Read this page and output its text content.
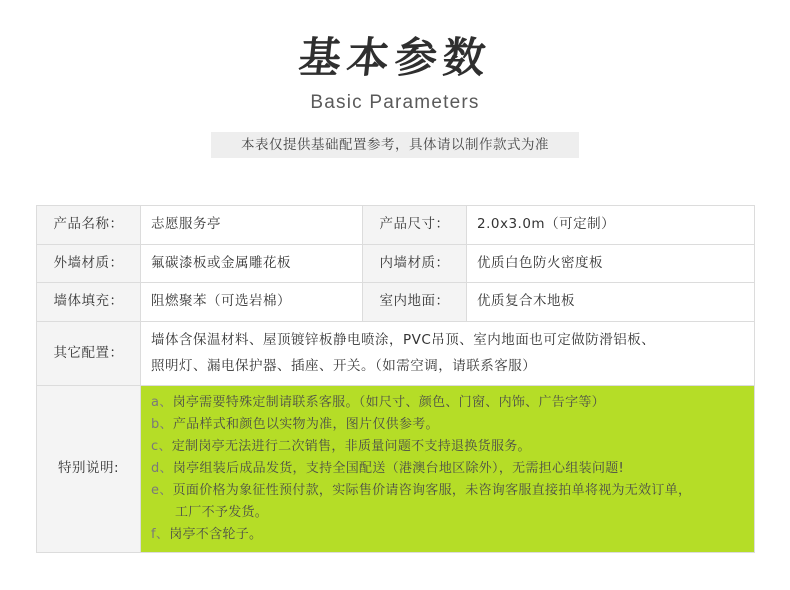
基本参数
Basic Parameters
本表仅提供基础配置参考，具体请以制作款式为准
产品名称：	志愿服务亭	产品尺寸：	2.0x3.0m（可定制）
外墙材质：	氟碳漆板或金属雕花板	内墙材质：	优质白色防火密度板
墙体填充：	阻燃聚苯（可选岩棉）	室内地面：	优质复合木地板
其它配置：	墙体含保温材料、屋顶镀锌板静电喷涂，PVC吊顶、室内地面也可定做防滑铝板、
照明灯、漏电保护器、插座、开关。（如需空调，请联系客服）		

特别说明:	
a、岗亭需要特殊定制请联系客服。（如尺寸、颜色、门窗、内饰、广告字等）
b、产品样式和颜色以实物为准，图片仅供参考。
c、定制岗亭无法进行二次销售，非质量问题不支持退换货服务。
d、岗亭组装后成品发货，支持全国配送（港澳台地区除外），无需担心组装问题!
e、页面价格为象征性预付款，实际售价请咨询客服，未咨询客服直接拍单将视为无效订单，
工厂不予发货。
f、岗亭不含轮子。
